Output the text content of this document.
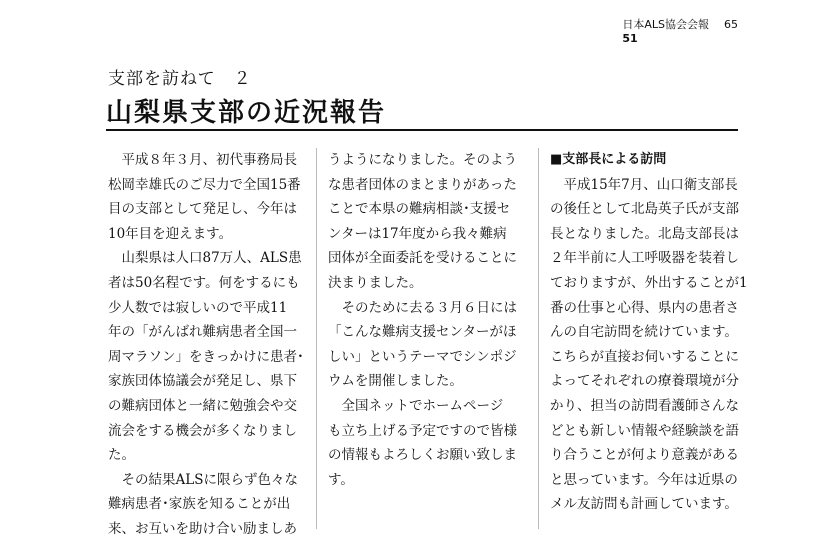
日本ALS協会会報 65
51
支部を訪ねて　２
山梨県支部の近況報告
　平成８年３月、初代事務局長
松岡幸雄氏のご尽力で全国15番
目の支部として発足し、今年は
10年目を迎えます。
　山梨県は人口87万人、ALS患
者は50名程です。何をするにも
少人数では寂しいので平成11
年の「がんばれ難病患者全国一
周マラソン」をきっかけに患者･
家族団体協議会が発足し、県下
の難病団体と一緒に勉強会や交
流会をする機会が多くなりまし
た。
　その結果ALSに限らず色々な
難病患者･家族を知ることが出
来、お互いを助け合い励ましあ
うようになりました。そのよう
な患者団体のまとまりがあった
ことで本県の難病相談･支援セ
ンターは17年度から我々難病
団体が全面委託を受けることに
決まりました。
　そのために去る３月６日には
「こんな難病支援センターがほ
しい」というテーマでシンポジ
ウムを開催しました。
　全国ネットでホームページ
も立ち上げる予定ですので皆様
の情報もよろしくお願い致しま
す。
■支部長による訪問
　平成15年7月、山口衛支部長
の後任として北島英子氏が支部
長となりました。北島支部長は
２年半前に人工呼吸器を装着し
ておりますが、外出することが1
番の仕事と心得、県内の患者さ
んの自宅訪問を続けています。
こちらが直接お伺いすることに
よってそれぞれの療養環境が分
かり、担当の訪問看護師さんな
どとも新しい情報や経験談を語
り合うことが何より意義がある
と思っています。今年は近県の
メル友訪問も計画しています。
